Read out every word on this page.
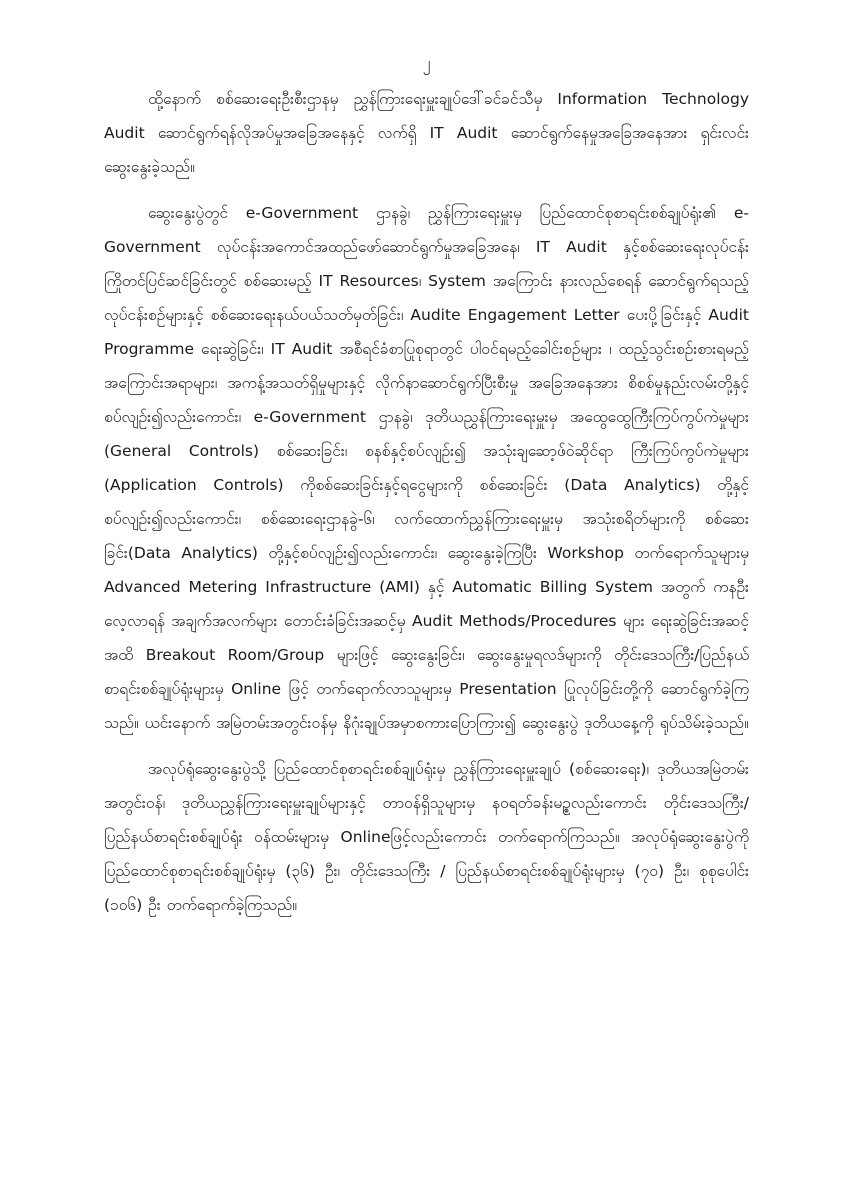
၂

ထို့နောက် စစ်ဆေးရေးဦးစီးဌာနမှ ညွှန်ကြားရေးမှူးချုပ်ဒေါ်ခင်ခင်သီမှ Information Technology Audit ဆောင်ရွက်ရန်လိုအပ်မှုအခြေအနေနှင့် လက်ရှိ IT Audit ဆောင်ရွက်နေမှုအခြေအနေအား ရှင်းလင်းဆွေးနွေးခဲ့သည်။

ဆွေးနွေးပွဲတွင် e-Government ဌာနခွဲ၊ ညွှန်ကြားရေးမှူးမှ ပြည်ထောင်စုစာရင်းစစ်ချုပ်ရုံး၏ e-Government လုပ်ငန်းအကောင်အထည်ဖော်ဆောင်ရွက်မှုအခြေအနေ၊ IT Audit နှင့်စစ်ဆေးရေးလုပ်ငန်း ကြိုတင်ပြင်ဆင်ခြင်းတွင် စစ်ဆေးမည့် IT Resources၊ System အကြောင်း နားလည်စေရန် ဆောင်ရွက်ရသည့် လုပ်ငန်းစဉ်များနှင့် စစ်ဆေးရေးနယ်ပယ်သတ်မှတ်ခြင်း၊ Audite Engagement Letter ပေးပို့ခြင်းနှင့် Audit Programme ရေးဆွဲခြင်း၊ IT Audit အစီရင်ခံစာပြုစုရာတွင် ပါဝင်ရမည့်ခေါင်းစဉ်များ ၊ ထည့်သွင်းစဉ်းစားရမည့်အကြောင်းအရာများ၊ အကန့်အသတ်ရှိမှုများနှင့် လိုက်နာဆောင်ရွက်ပြီးစီးမှု အခြေအနေအား စိစစ်မှုနည်းလမ်းတို့နှင့်စပ်လျဉ်း၍လည်းကောင်း၊ e-Government ဌာနခွဲ၊ ဒုတိယညွှန်ကြားရေးမှူးမှ အထွေထွေကြီးကြပ်ကွပ်ကဲမှုများ (General Controls) စစ်ဆေးခြင်း၊ စနစ်နှင့်စပ်လျဉ်း၍ အသုံးချဆော့ဖ်ဝဲဆိုင်ရာ ကြီးကြပ်ကွပ်ကဲမှုများ (Application Controls) ကိုစစ်ဆေးခြင်းနှင့်ရငွေများကို စစ်ဆေးခြင်း (Data Analytics) တို့နှင့်စပ်လျဉ်း၍လည်းကောင်း၊ စစ်ဆေးရေးဌာနခွဲ-၆၊ လက်ထောက်ညွှန်ကြားရေးမှူးမှ အသုံးစရိတ်များကို စစ်ဆေးခြင်း(Data Analytics) တို့နှင့်စပ်လျဉ်း၍လည်းကောင်း၊ ဆွေးနွေးခဲ့ကြပြီး Workshop တက်ရောက်သူများမှ Advanced Metering Infrastructure (AMI) နှင့် Automatic Billing System အတွက် ကနဦးလေ့လာရန် အချက်အလက်များ တောင်းခံခြင်းအဆင့်မှ Audit Methods/Procedures များ ရေးဆွဲခြင်းအဆင့်အထိ Breakout Room/Group များဖြင့် ဆွေးနွေးခြင်း၊ ဆွေးနွေးမှုရလဒ်များကို တိုင်းဒေသကြီး/ပြည်နယ်စာရင်းစစ်ချုပ်ရုံးများမှ Online ဖြင့် တက်ရောက်လာသူများမှ Presentation ပြုလုပ်ခြင်းတို့ကို ဆောင်ရွက်ခဲ့ကြသည်။ ယင်းနောက် အမြဲတမ်းအတွင်းဝန်မှ နိဂုံးချုပ်အမှာစကားပြောကြား၍ ဆွေးနွေးပွဲ ဒုတိယနေ့ကို ရုပ်သိမ်းခဲ့သည်။

အလုပ်ရုံဆွေးနွေးပွဲသို့ ပြည်ထောင်စုစာရင်းစစ်ချုပ်ရုံးမှ ညွှန်ကြားရေးမှူးချုပ် (စစ်ဆေးရေး)၊ ဒုတိယအမြဲတမ်းအတွင်းဝန်၊ ဒုတိယညွှန်ကြားရေးမှူးချုပ်များနှင့် တာဝန်ရှိသူများမှ နဝရတ်ခန်းမဥ္စလည်းကောင်း တိုင်းဒေသကြီး/ ပြည်နယ်စာရင်းစစ်ချုပ်ရုံး ဝန်ထမ်းများမှ Onlineဖြင့်လည်းကောင်း တက်ရောက်ကြသည်။ အလုပ်ရုံဆွေးနွေးပွဲကို ပြည်ထောင်စုစာရင်းစစ်ချုပ်ရုံးမှ (၃၆) ဦး၊ တိုင်းဒေသကြီး / ပြည်နယ်စာရင်းစစ်ချုပ်ရုံးများမှ (၇၀) ဦး၊ စုစုပေါင်း (၁၀၆) ဦး တက်ရောက်ခဲ့ကြသည်။
